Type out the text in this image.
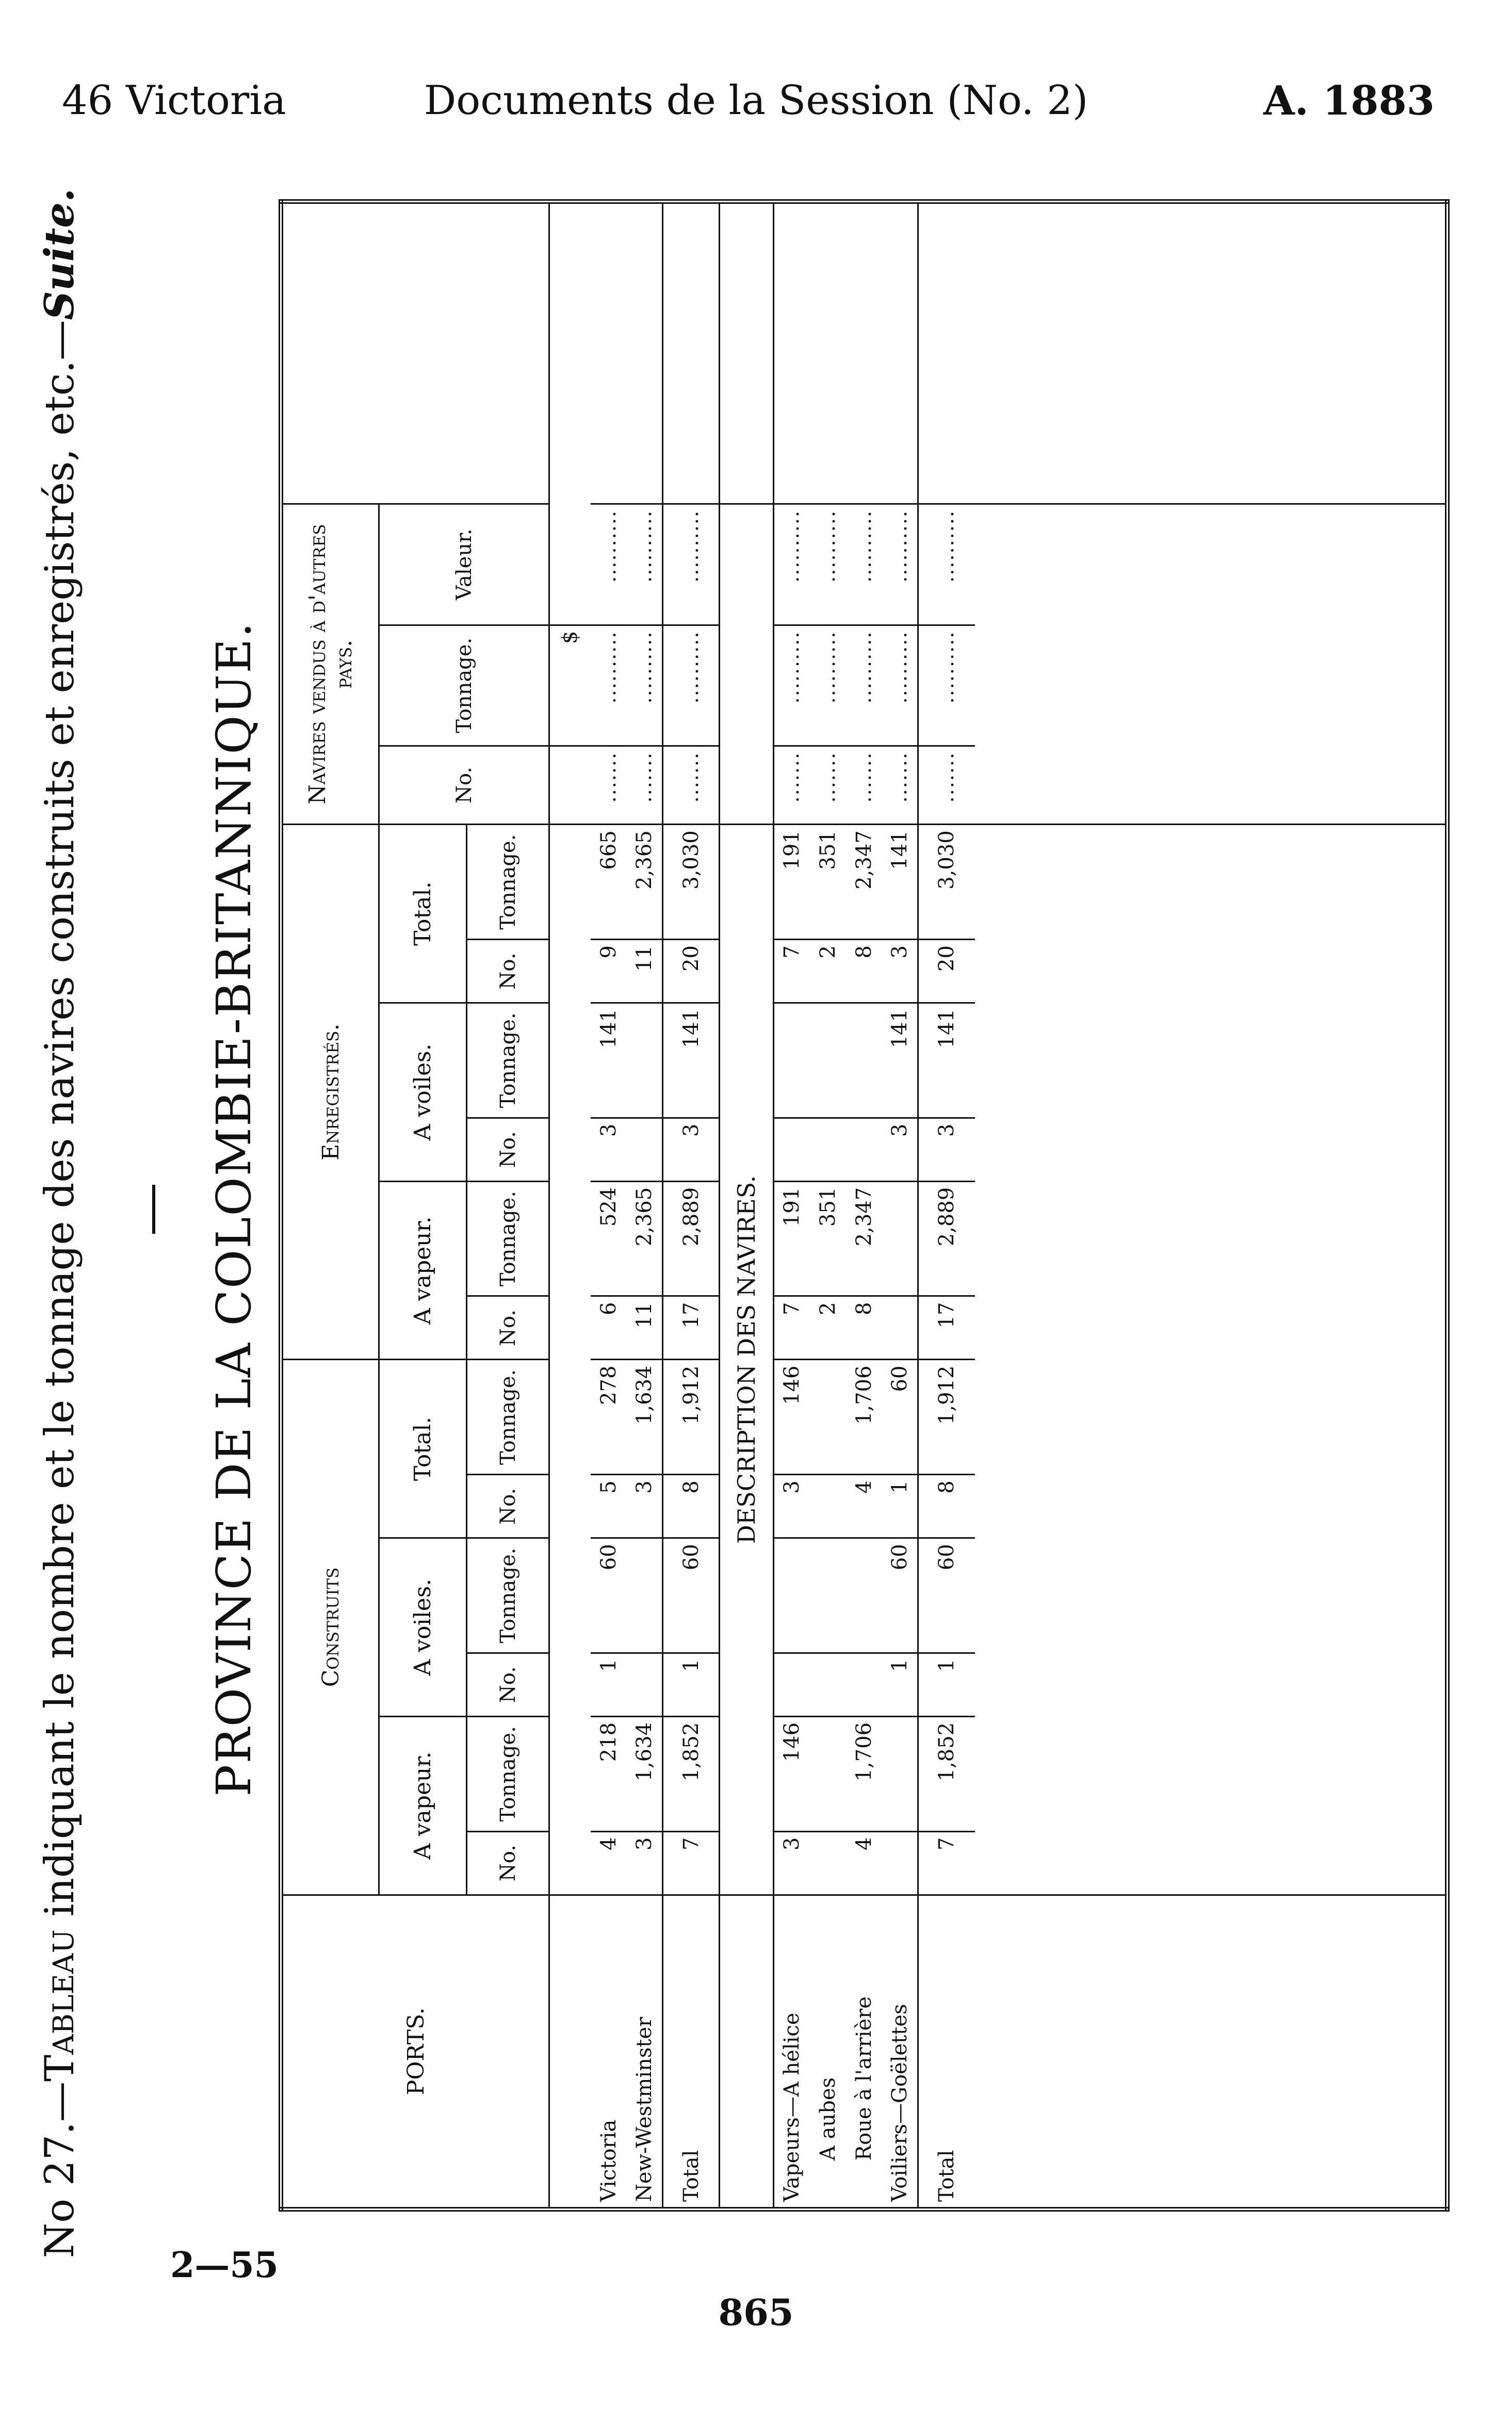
46 Victoria	Documents de la Session (No. 2)	A. 1883
No 27.—Tableau indiquant le nombre et le tonnage des navires construits et enregistrés, etc.—Suite.
PROVINCE DE LA COLOMBIE-BRITANNIQUE.
PORTS.	Construits						Enregistrés.						Navires vendus à d'autres pays.			
	A vapeur.		A voiles.		Total.		A vapeur.		A voiles.		Total.		No.	Tonnage.	Valeur.	
	No.	Tonnage.	No.	Tonnage.	No.	Tonnage.	No.	Tonnage.	No.	Tonnage.	No.	Tonnage.				
														$		
Victoria	4	218	1	60	5	278	6	524	3	141	9	665	.......	..........	..........	
New-Westminster	3	1,634			3	1,634	11	2,365			11	2,365	.......	..........	..........	
Total	7	1,852	1	60	8	1,912	17	2,889	3	141	20	3,030	.......	..........	..........	
	DESCRIPTION DES NAVIRES.															
Vapeurs—A hélice	3	146			3	146	7	191			7	191	.......	..........	..........	
A aubes							2	351			2	351	.......	..........	..........	
Roue à l'arrière	4	1,706			4	1,706	8	2,347			8	2,347	.......	..........	..........	
Voiliers—Goëlettes			1	60	1	60			3	141	3	141	.......	..........	..........	
Total	7	1,852	1	60	8	1,912	17	2,889	3	141	20	3,030	.......	..........	..........	

2—55
865
